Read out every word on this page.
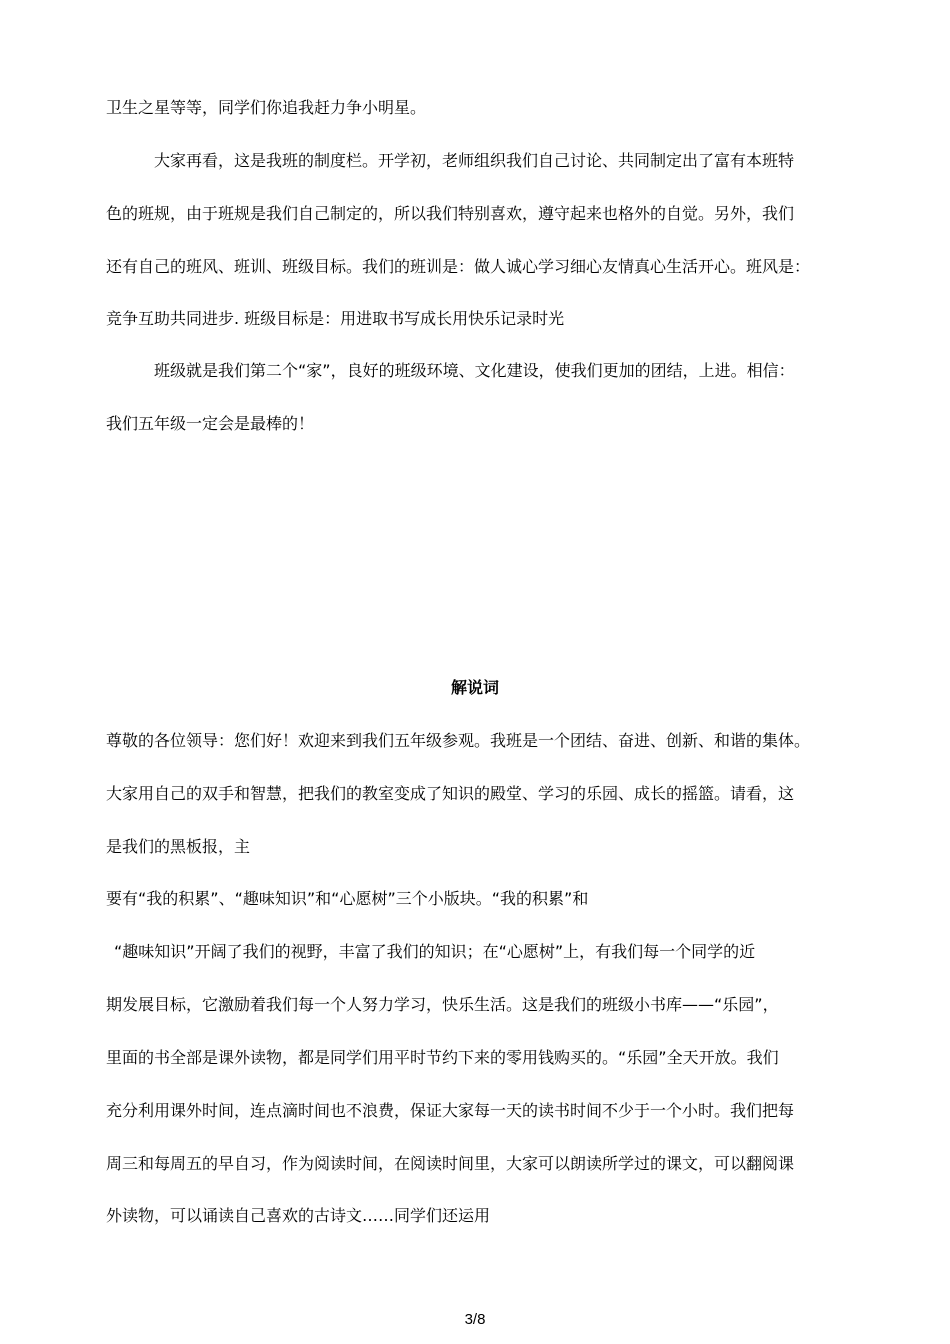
卫生之星等等，同学们你追我赶力争小明星。

大家再看，这是我班的制度栏。开学初，老师组织我们自己讨论、共同制定出了富有本班特

色的班规，由于班规是我们自己制定的，所以我们特别喜欢，遵守起来也格外的自觉。另外，我们

还有自己的班风、班训、班级目标。我们的班训是：做人诚心学习细心友情真心生活开心。班风是：

竞争互助共同进步. 班级目标是：用进取书写成长用快乐记录时光

班级就是我们第二个“家”，良好的班级环境、文化建设，使我们更加的团结，上进。相信：

我们五年级一定会是最棒的！

解说词

尊敬的各位领导：您们好！欢迎来到我们五年级参观。我班是一个团结、奋进、创新、和谐的集体。

大家用自己的双手和智慧，把我们的教室变成了知识的殿堂、学习的乐园、成长的摇篮。请看，这

是我们的黑板报，主

要有“我的积累”、“趣味知识”和“心愿树”三个小版块。“我的积累”和

“趣味知识”开阔了我们的视野，丰富了我们的知识；在“心愿树”上，有我们每一个同学的近

期发展目标，它激励着我们每一个人努力学习，快乐生活。这是我们的班级小书库——“乐园”，

里面的书全部是课外读物，都是同学们用平时节约下来的零用钱购买的。“乐园”全天开放。我们

充分利用课外时间，连点滴时间也不浪费，保证大家每一天的读书时间不少于一个小时。我们把每

周三和每周五的早自习，作为阅读时间，在阅读时间里，大家可以朗读所学过的课文，可以翻阅课

外读物，可以诵读自己喜欢的古诗文……同学们还运用

3/8
